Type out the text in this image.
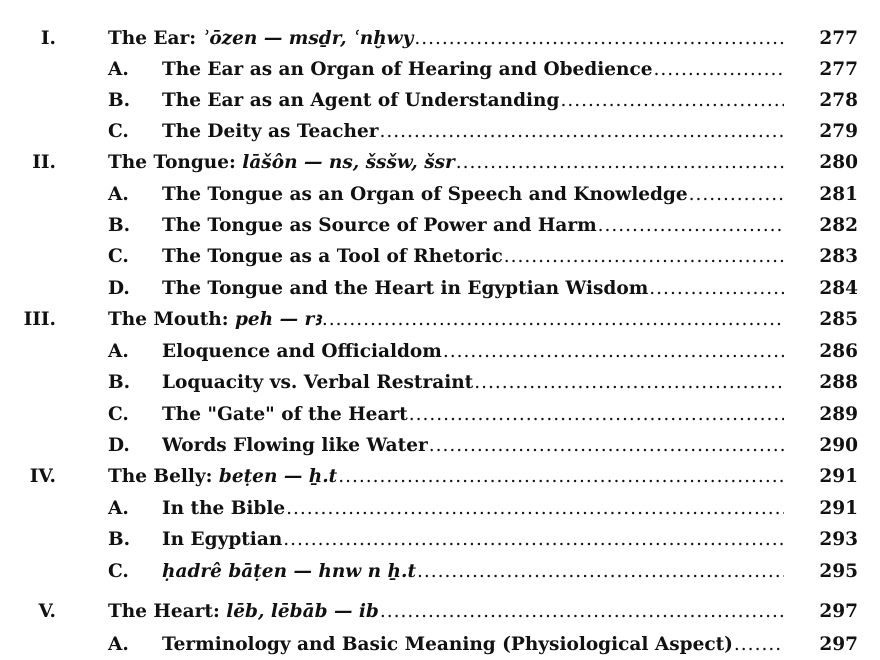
I.	The Ear: ʾōzen — msḏr, ʿnḫwy .....	277
A. The Ear as an Organ of Hearing and Obedience .....	277
B. The Ear as an Agent of Understanding .....	278
C. The Deity as Teacher .....	279
II.	The Tongue: lāšôn — ns, šsšw, šsr .....	280
A. The Tongue as an Organ of Speech and Knowledge .....	281
B. The Tongue as Source of Power and Harm .....	282
C. The Tongue as a Tool of Rhetoric .....	283
D. The Tongue and the Heart in Egyptian Wisdom .....	284
III.	The Mouth: peh — rꜣ .....	285
A. Eloquence and Officialdom .....	286
B. Loquacity vs. Verbal Restraint .....	288
C. The "Gate" of the Heart .....	289
D. Words Flowing like Water .....	290
IV.	The Belly: beṭen — ẖ.t .....	291
A. In the Bible .....	291
B. In Egyptian .....	293
C. ḥadrê bāṭen — hnw n ẖ.t .....	295
V.	The Heart: lēb, lēbāb — ib .....	297
A. Terminology and Basic Meaning (Physiological Aspect) .....	297
